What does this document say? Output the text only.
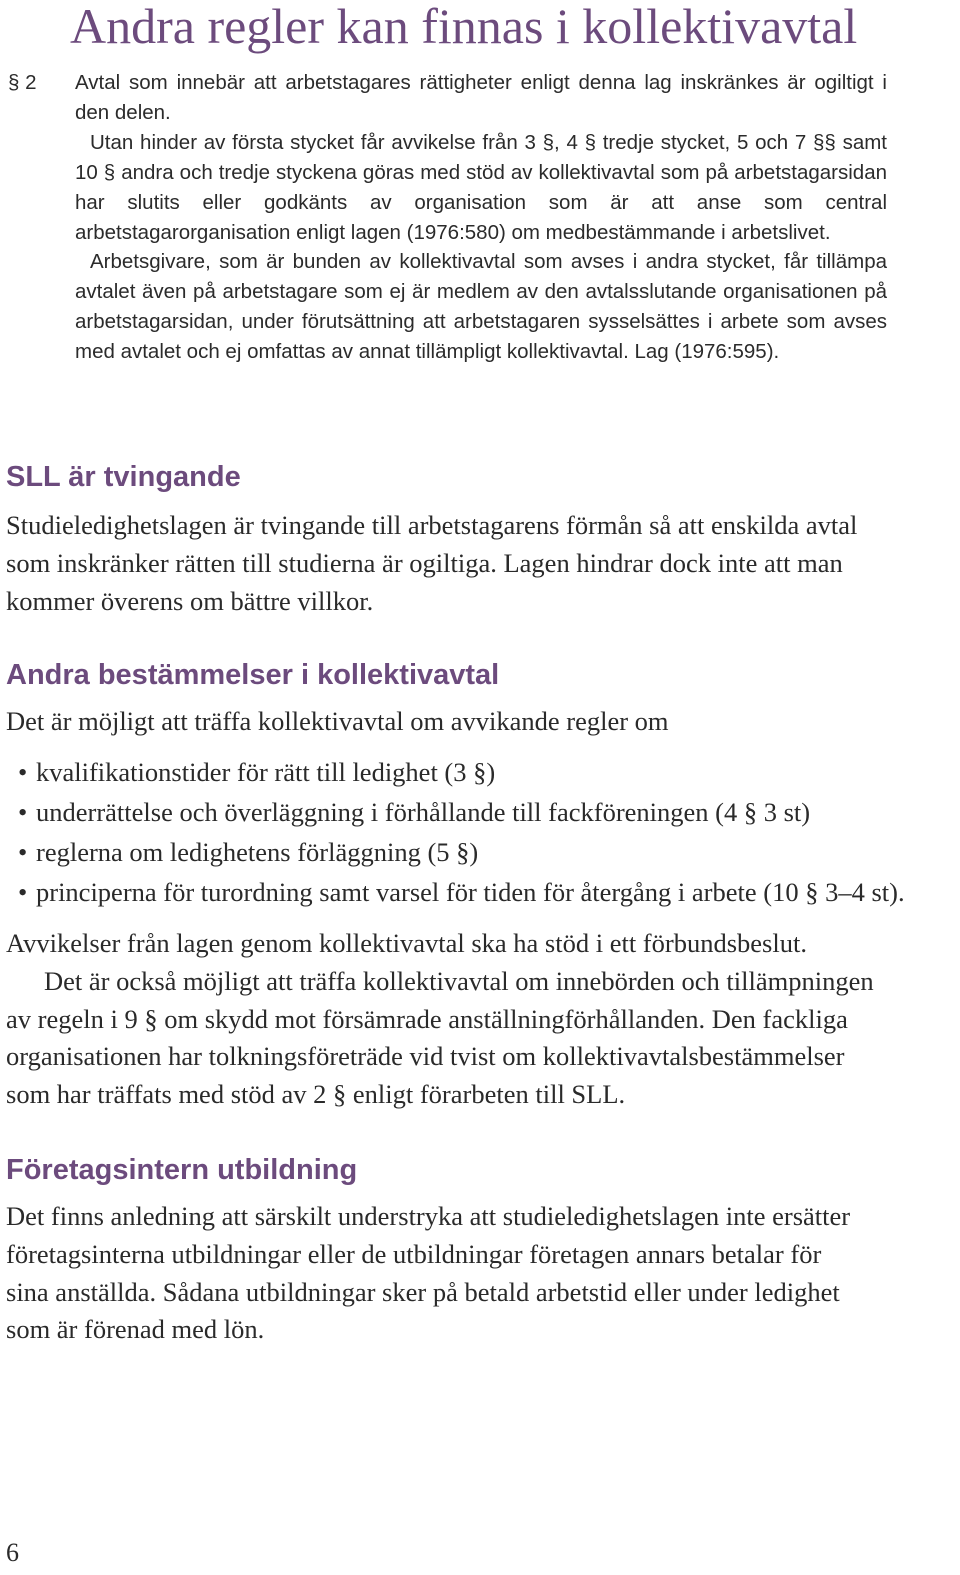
Andra regler kan finnas i kollektivavtal
§ 2 Avtal som innebär att arbetstagares rättigheter enligt denna lag inskränkes är ogiltigt i den delen.

Utan hinder av första stycket får avvikelse från 3 §, 4 § tredje stycket, 5 och 7 §§ samt 10 § andra och tredje styckena göras med stöd av kollektivavtal som på arbetstagarsidan har slutits eller godkänts av organisation som är att anse som central arbetstagarorganisation enligt lagen (1976:580) om medbestämmande i arbetslivet.

Arbetsgivare, som är bunden av kollektivavtal som avses i andra stycket, får tillämpa avtalet även på arbetstagare som ej är medlem av den avtalsslutande organisationen på arbetstagarsidan, under förutsättning att arbetstagaren sysselsättes i arbete som avses med avtalet och ej omfattas av annat tillämpligt kollektivavtal. Lag (1976:595).

SLL är tvingande
Studieledighetslagen är tvingande till arbetstagarens förmån så att enskilda avtal
som inskränker rätten till studierna är ogiltiga. Lagen hindrar dock inte att man
kommer överens om bättre villkor.
Andra bestämmelser i kollektivavtal
Det är möjligt att träffa kollektivavtal om avvikande regler om
• kvalifikationstider för rätt till ledighet (3 §)
• underrättelse och överläggning i förhållande till fackföreningen (4 § 3 st)
• reglerna om ledighetens förläggning (5 §)
• principerna för turordning samt varsel för tiden för återgång i arbete (10 § 3–4 st).
Avvikelser från lagen genom kollektivavtal ska ha stöd i ett förbundsbeslut.
Det är också möjligt att träffa kollektivavtal om innebörden och tillämpningen
av regeln i 9 § om skydd mot försämrade anställningförhållanden. Den fackliga
organisationen har tolkningsföreträde vid tvist om kollektivavtalsbestämmelser
som har träffats med stöd av 2 § enligt förarbeten till SLL.
Företagsintern utbildning
Det finns anledning att särskilt understryka att studieledighetslagen inte ersätter
företagsinterna utbildningar eller de utbildningar företagen annars betalar för
sina anställda. Sådana utbildningar sker på betald arbetstid eller under ledighet
som är förenad med lön.
6
